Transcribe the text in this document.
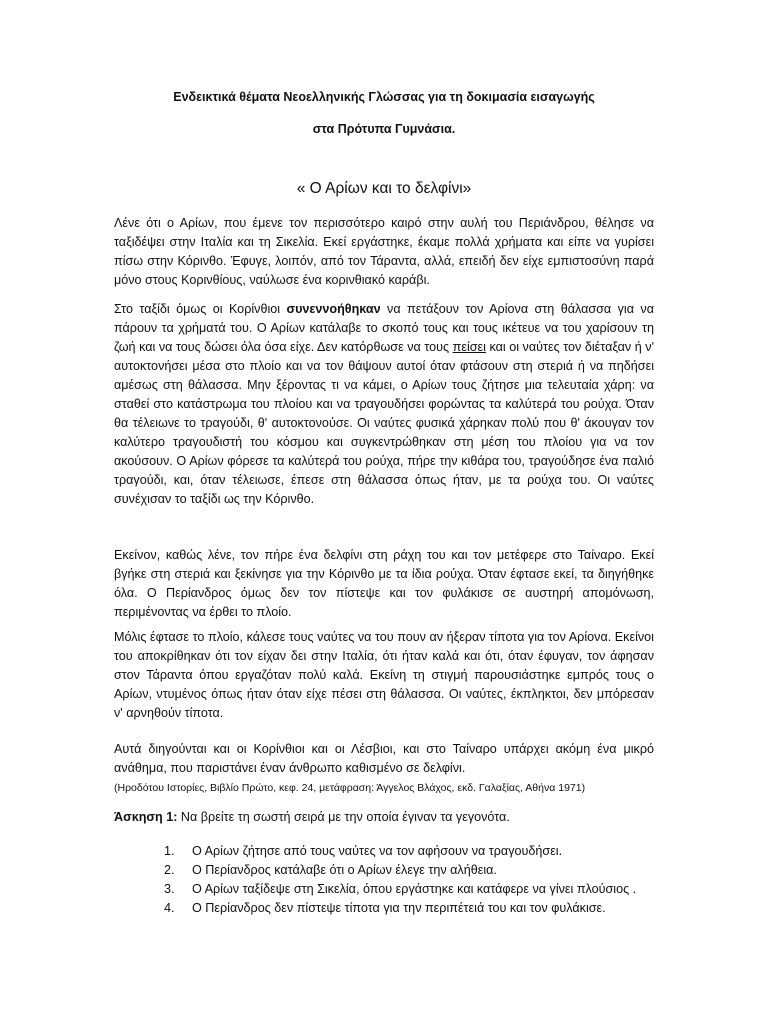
Ενδεικτικά θέματα Νεοελληνικής Γλώσσας για τη δοκιμασία εισαγωγής
στα Πρότυπα Γυμνάσια.
« Ο Αρίων και το δελφίνι»

Λένε ότι ο Αρίων, που έμενε τον περισσότερο καιρό στην αυλή του Περιάνδρου, θέλησε να ταξιδέψει στην Ιταλία και τη Σικελία. Εκεί εργάστηκε, έκαμε πολλά χρήματα και είπε να γυρίσει πίσω στην Κόρινθο. Έφυγε, λοιπόν, από τον Τάραντα, αλλά, επειδή δεν είχε εμπιστοσύνη παρά μόνο στους Κορινθίους, ναύλωσε ένα κορινθιακό καράβι.

Στο ταξίδι όμως οι Κορίνθιοι συνεννοήθηκαν να πετάξουν τον Αρίονα στη θάλασσα για να πάρουν τα χρήματά του. Ο Αρίων κατάλαβε το σκοπό τους και τους ικέτευε να του χαρίσουν τη ζωή και να τους δώσει όλα όσα είχε. Δεν κατόρθωσε να τους πείσει και οι ναύτες τον διέταξαν ή ν' αυτοκτονήσει μέσα στο πλοίο και να τον θάψουν αυτοί όταν φτάσουν στη στεριά ή να πηδήσει αμέσως στη θάλασσα. Μην ξέροντας τι να κάμει, ο Αρίων τους ζήτησε μια τελευταία χάρη: να σταθεί στο κατάστρωμα του πλοίου και να τραγουδήσει φορώντας τα καλύτερά του ρούχα. Όταν θα τέλειωνε το τραγούδι, θ' αυτοκτονούσε. Οι ναύτες φυσικά χάρηκαν πολύ που θ' άκουγαν τον καλύτερο τραγουδιστή του κόσμου και συγκεντρώθηκαν στη μέση του πλοίου για να τον ακούσουν. Ο Αρίων φόρεσε τα καλύτερά του ρούχα, πήρε την κιθάρα του, τραγούδησε ένα παλιό τραγούδι, και, όταν τέλειωσε, έπεσε στη θάλασσα όπως ήταν, με τα ρούχα του. Οι ναύτες συνέχισαν το ταξίδι ως την Κόρινθο.

Εκείνον, καθώς λένε, τον πήρε ένα δελφίνι στη ράχη του και τον μετέφερε στο Ταίναρο. Εκεί βγήκε στη στεριά και ξεκίνησε για την Κόρινθο με τα ίδια ρούχα. Όταν έφτασε εκεί, τα διηγήθηκε όλα. Ο Περίανδρος όμως δεν τον πίστεψε και τον φυλάκισε σε αυστηρή απομόνωση, περιμένοντας να έρθει το πλοίο.

Μόλις έφτασε το πλοίο, κάλεσε τους ναύτες να του πουν αν ήξεραν τίποτα για τον Αρίονα. Εκείνοι του αποκρίθηκαν ότι τον είχαν δει στην Ιταλία, ότι ήταν καλά και ότι, όταν έφυγαν, τον άφησαν στον Τάραντα όπου εργαζόταν πολύ καλά. Εκείνη τη στιγμή παρουσιάστηκε εμπρός τους ο Αρίων, ντυμένος όπως ήταν όταν είχε πέσει στη θάλασσα. Οι ναύτες, έκπληκτοι, δεν μπόρεσαν ν' αρνηθούν τίποτα.

Αυτά διηγούνται και οι Κορίνθιοι και οι Λέσβιοι, και στο Ταίναρο υπάρχει ακόμη ένα μικρό ανάθημα, που παριστάνει έναν άνθρωπο καθισμένο σε δελφίνι.

(Ηροδότου Ιστορίες, Βιβλίο Πρώτο, κεφ. 24, μετάφραση: Άγγελος Βλάχος, εκδ. Γαλαξίας, Αθήνα 1971)
Άσκηση 1: Να βρείτε τη σωστή σειρά με την οποία έγιναν τα γεγονότα.
1. Ο Αρίων ζήτησε από τους ναύτες να τον αφήσουν να τραγουδήσει.
2. Ο Περίανδρος κατάλαβε ότι ο Αρίων έλεγε την αλήθεια.
3. Ο Αρίων ταξίδεψε στη Σικελία, όπου εργάστηκε και κατάφερε να γίνει πλούσιος .
4. Ο Περίανδρος δεν πίστεψε τίποτα για την περιπέτειά του και τον φυλάκισε.
